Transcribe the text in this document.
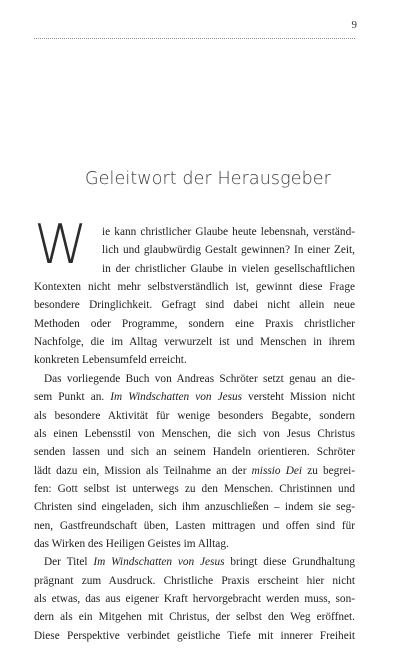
9
Geleitwort der Herausgeber
W ie kann christlicher Glaube heute lebensnah, verständ-
lich und glaubwürdig Gestalt gewinnen? In einer Zeit,
in der christlicher Glaube in vielen gesellschaftlichen
Kontexten nicht mehr selbstverständlich ist, gewinnt diese Frage
besondere Dringlichkeit. Gefragt sind dabei nicht allein neue
Methoden oder Programme, sondern eine Praxis christlicher
Nachfolge, die im Alltag verwurzelt ist und Menschen in ihrem
konkreten Lebensumfeld erreicht.
Das vorliegende Buch von Andreas Schröter setzt genau an die-
sem Punkt an. Im Windschatten von Jesus versteht Mission nicht
als besondere Aktivität für wenige besonders Begabte, sondern
als einen Lebensstil von Menschen, die sich von Jesus Christus
senden lassen und sich an seinem Handeln orientieren. Schröter
lädt dazu ein, Mission als Teilnahme an der missio Dei zu begrei-
fen: Gott selbst ist unterwegs zu den Menschen. Christinnen und
Christen sind eingeladen, sich ihm anzuschließen – indem sie seg-
nen, Gastfreundschaft üben, Lasten mittragen und offen sind für
das Wirken des Heiligen Geistes im Alltag.
Der Titel Im Windschatten von Jesus bringt diese Grundhaltung
prägnant zum Ausdruck. Christliche Praxis erscheint hier nicht
als etwas, das aus eigener Kraft hervorgebracht werden muss, son-
dern als ein Mitgehen mit Christus, der selbst den Weg eröffnet.
Diese Perspektive verbindet geistliche Tiefe mit innerer Freiheit
